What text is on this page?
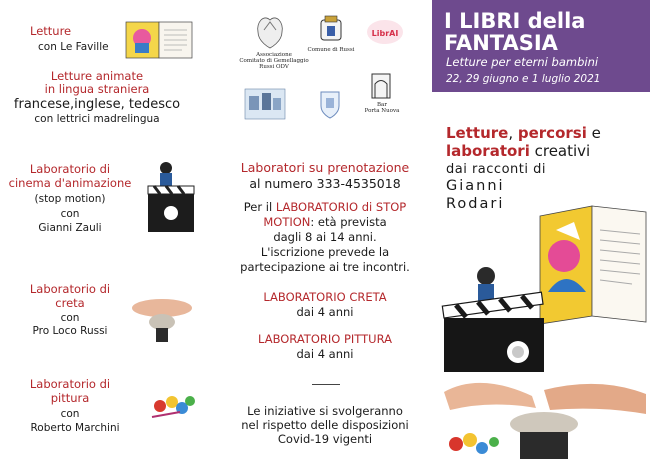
Letture
con Le Faville
Letture animate
in lingua straniera
francese,inglese, tedesco
con lettrici madrelingua
Laboratorio di
cinema d'animazione
(stop motion)
con
Gianni Zauli
Laboratorio di
creta
con
Pro Loco Russi
Laboratorio di
pittura
con
Roberto Marchini
Associazione
Comitato di Gemellaggio
Russi ODV
Comune di Russi
LibrAI
Bar
Porta Nuova
Laboratori su prenotazione
al numero 333-4535018
Per il LABORATORIO di STOP
MOTION: età prevista
dagli 8 ai 14 anni.
L'iscrizione prevede la
partecipazione ai tre incontri.
LABORATORIO CRETA
dai 4 anni
LABORATORIO PITTURA
dai 4 anni
Le iniziative si svolgeranno
nel rispetto delle disposizioni
Covid-19 vigenti
I LIBRI della
FANTASIA
Letture per eterni bambini
22, 29 giugno e 1 luglio 2021
Letture, percorsi e
laboratori creativi
dai racconti di
Gianni
Rodari
